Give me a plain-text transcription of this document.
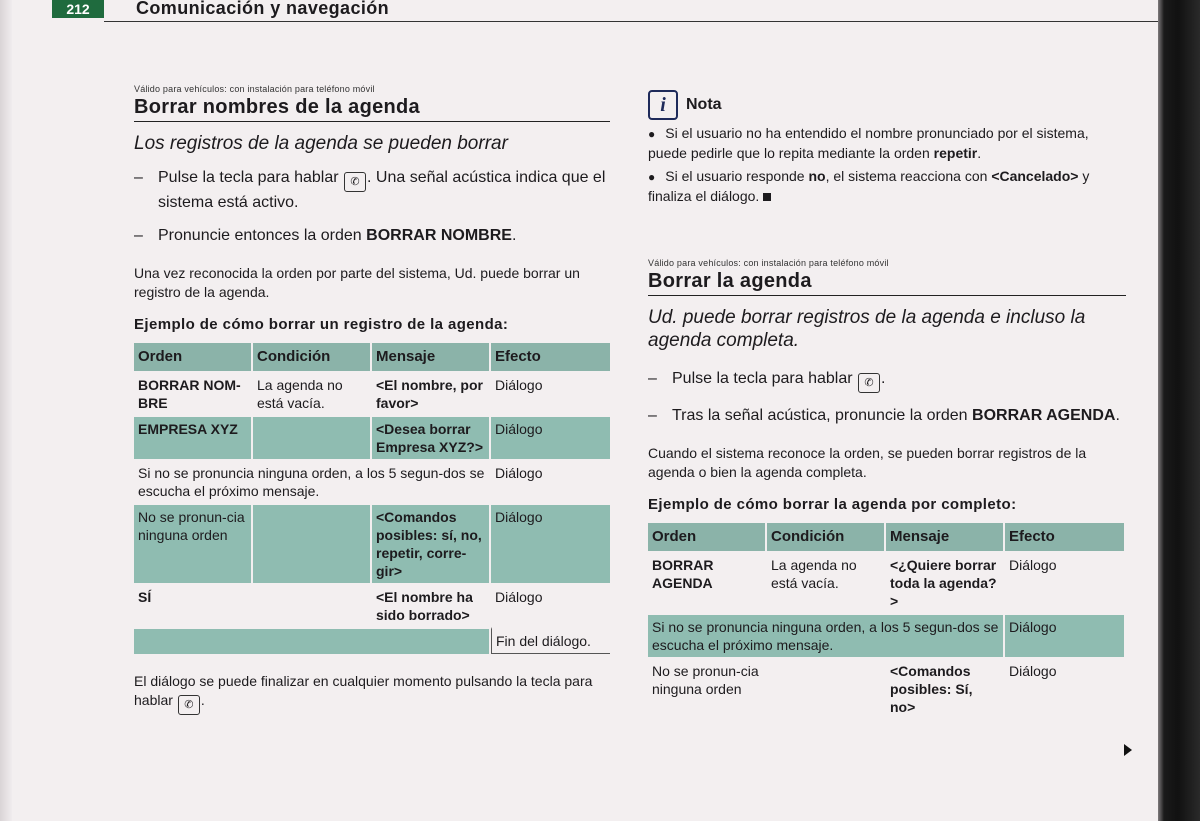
212	Comunicación y navegación
Válido para vehículos: con instalación para teléfono móvil
Borrar nombres de la agenda
Los registros de la agenda se pueden borrar
– Pulse la tecla para hablar ✆ . Una señal acústica indica que el sistema está activo.
– Pronuncie entonces la orden BORRAR NOMBRE.
Una vez reconocida la orden por parte del sistema, Ud. puede borrar un registro de la agenda.
Ejemplo de cómo borrar un registro de la agenda:
Orden	Condición	Mensaje	Efecto
BORRAR NOM-BRE	La agenda no está vacía.	<El nombre, por favor>	Diálogo
EMPRESA XYZ		<Desea borrar Empresa XYZ?>	Diálogo
Si no se pronuncia ninguna orden, a los 5 segun-dos se escucha el próximo mensaje.			Diálogo
No se pronun-cia ninguna orden		<Comandos posibles: sí, no, repetir, corre-gir>	Diálogo
SÍ		<El nombre ha sido borrado>	Diálogo
			Fin del diálogo.
El diálogo se puede finalizar en cualquier momento pulsando la tecla para hablar ✆ .
i	Nota
● Si el usuario no ha entendido el nombre pronunciado por el sistema, puede pedirle que lo repita mediante la orden repetir.
● Si el usuario responde no, el sistema reacciona con <Cancelado> y finaliza el diálogo.
Válido para vehículos: con instalación para teléfono móvil
Borrar la agenda
Ud. puede borrar registros de la agenda e incluso la agenda completa.
– Pulse la tecla para hablar ✆ .
– Tras la señal acústica, pronuncie la orden BORRAR AGENDA.
Cuando el sistema reconoce la orden, se pueden borrar registros de la agenda o bien la agenda completa.
Ejemplo de cómo borrar la agenda por completo:
Orden	Condición	Mensaje	Efecto
BORRAR AGENDA	La agenda no está vacía.	<¿Quiere borrar toda la agenda?>	Diálogo
Si no se pronuncia ninguna orden, a los 5 segun-dos se escucha el próximo mensaje.			Diálogo
No se pronun-cia ninguna orden		<Comandos posibles: Sí, no>	Diálogo
